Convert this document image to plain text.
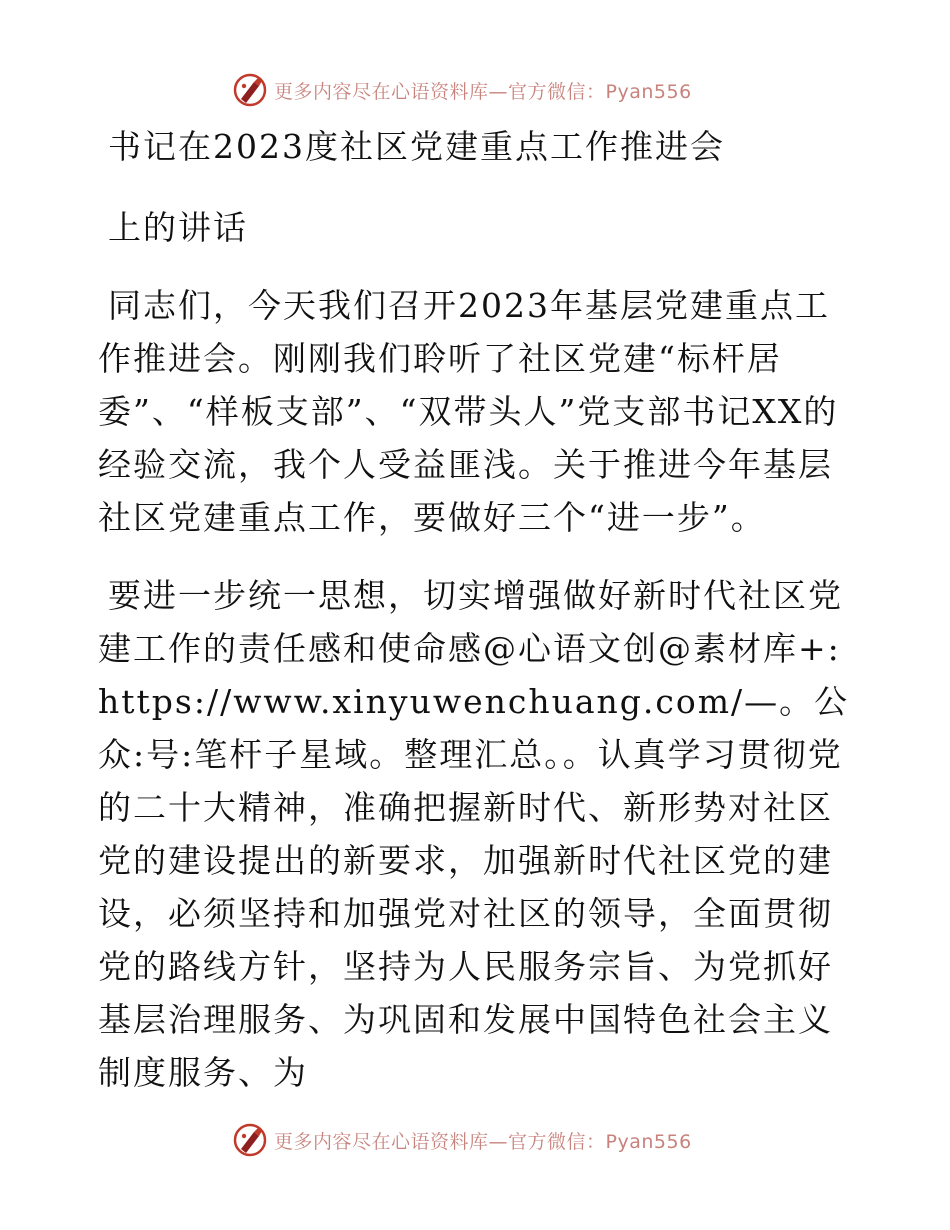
更多内容尽在心语资料库—官方微信：Pyan556
书记在2023度社区党建重点工作推进会
上的讲话

同志们，今天我们召开2023年基层党建重点工作推进会。刚刚我们聆听了社区党建“标杆居委”、“样板支部”、“双带头人”党支部书记XX的经验交流，我个人受益匪浅。关于推进今年基层社区党建重点工作，要做好三个“进一步”。

要进一步统一思想，切实增强做好新时代社区党建工作的责任感和使命感@心语文创@素材库+: https://www.xinyuwenchuang.com/—。公众:号:笔杆子星域。整理汇总。。认真学习贯彻党的二十大精神，准确把握新时代、新形势对社区党的建设提出的新要求，加强新时代社区党的建设，必须坚持和加强党对社区的领导，全面贯彻党的路线方针，坚持为人民服务宗旨、为党抓好基层治理服务、为巩固和发展中国特色社会主义制度服务、为

更多内容尽在心语资料库—官方微信：Pyan556
